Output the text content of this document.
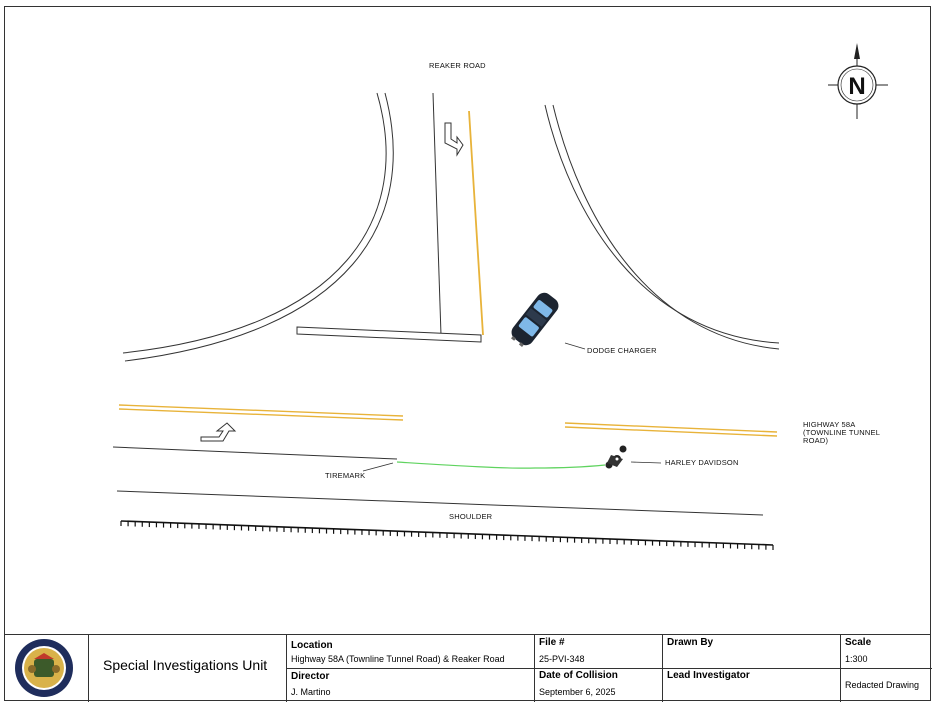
N
REAKER ROAD
DODGE CHARGER
HIGHWAY 58A
(TOWNLINE TUNNEL
ROAD)
TIREMARK
HARLEY DAVIDSON
SHOULDER
Special Investigations Unit
Location
Highway 58A (Townline Tunnel Road) & Reaker Road
Director
J. Martino
File #
25-PVI-348
Date of Collision
September 6, 2025
Drawn By
Lead Investigator
Scale
1:300
Redacted Drawing
